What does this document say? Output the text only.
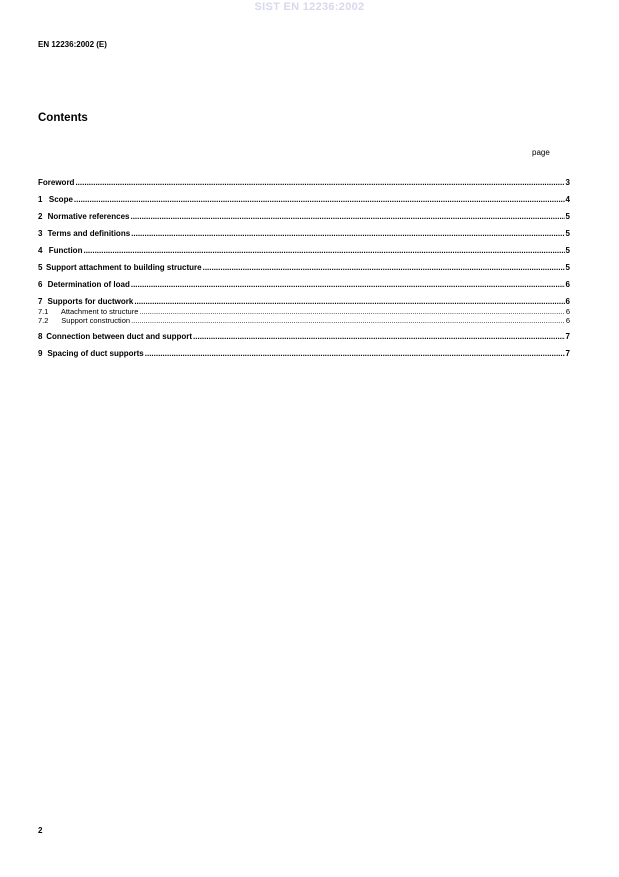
SIST EN 12236:2002
EN 12236:2002 (E)
Contents
page
Foreword .....	3
1 Scope .....	4
2 Normative references .....	5
3 Terms and definitions .....	5
4 Function .....	5
5 Support attachment to building structure .....	5
6 Determination of load .....	6
7 Supports for ductwork .....	6
7.1	Attachment to structure .....	6
7.2	Support construction .....	6
8 Connection between duct and support .....	7
9 Spacing of duct supports .....	7
2
